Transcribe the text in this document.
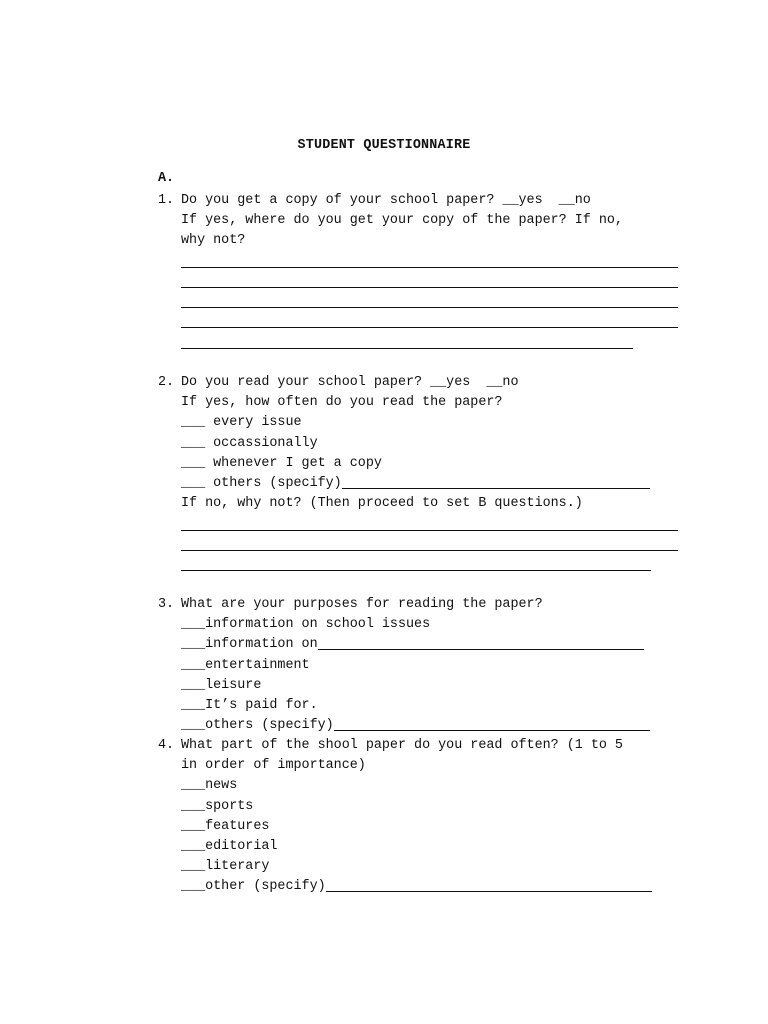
STUDENT QUESTIONNAIRE
A.
1. Do you get a copy of your school paper? __yes  __no
If yes, where do you get your copy of the paper? If no,
why not?
2. Do you read your school paper? __yes  __no
If yes, how often do you read the paper?
___ every issue
___ occassionally
___ whenever I get a copy
___ others (specify)
If no, why not? (Then proceed to set B questions.)
3. What are your purposes for reading the paper?
___information on school issues
___information on
___entertainment
___leisure
___It’s paid for.
___others (specify)
4. What part of the shool paper do you read often? (1 to 5
in order of importance)
___news
___sports
___features
___editorial
___literary
___other (specify)
